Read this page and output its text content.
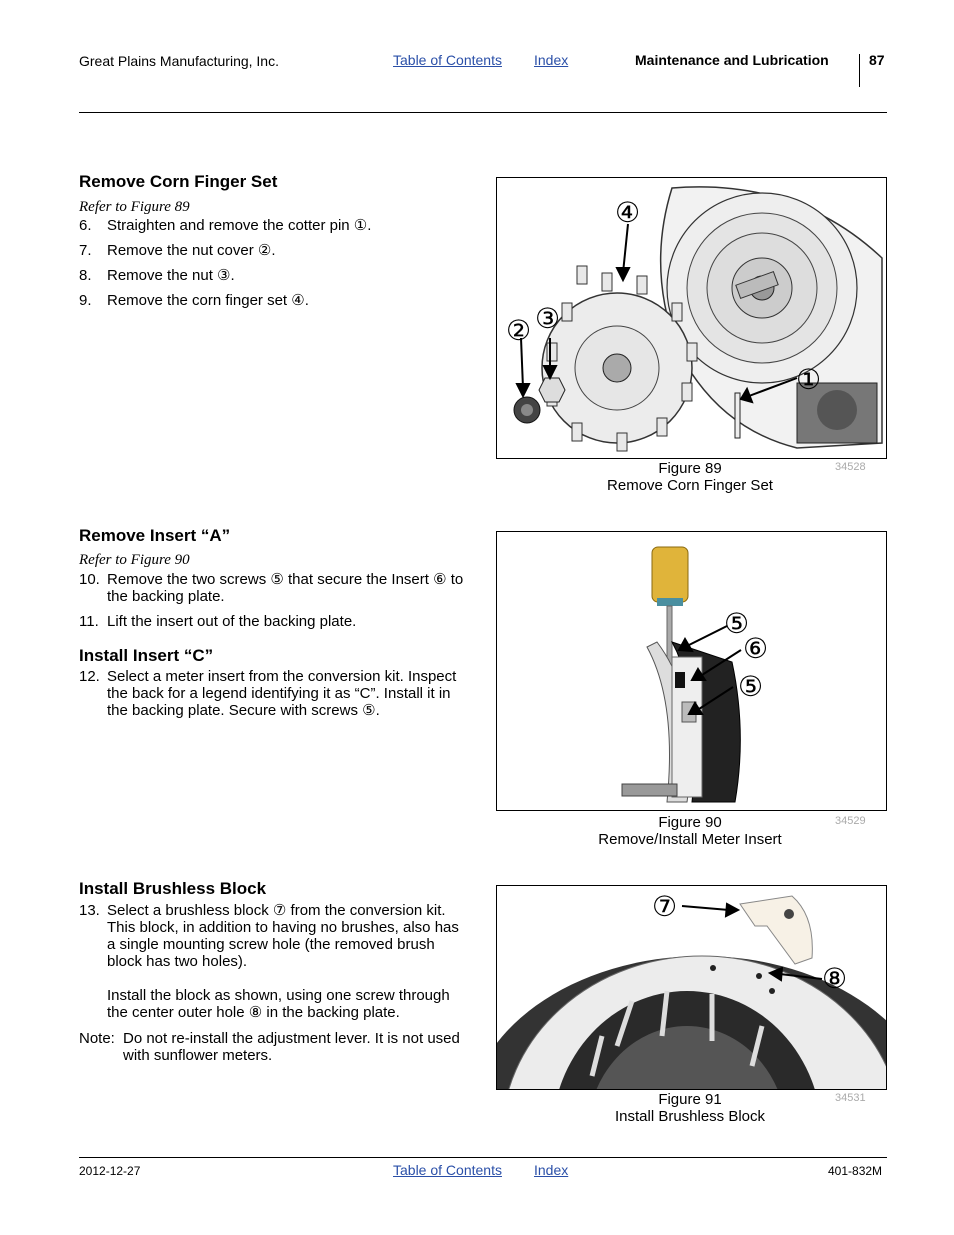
Great Plains Manufacturing, Inc.	Table of Contents Index	Maintenance and Lubrication	87
Remove Corn Finger Set
Refer to Figure 89
6. Straighten and remove the cotter pin ①.
7. Remove the nut cover ②.
8. Remove the nut ③.
9. Remove the corn finger set ④.
④
③
②
①
Figure 89
Remove Corn Finger Set
34528
Remove Insert “A”
Refer to Figure 90
10. Remove the two screws ⑤ that secure the Insert ⑥ to the backing plate.
11. Lift the insert out of the backing plate.
Install Insert “C”
12. Select a meter insert from the conversion kit. Inspect the back for a legend identifying it as “C”. Install it in the backing plate. Secure with screws ⑤.
⑤
⑥
⑤
Figure 90
Remove/Install Meter Insert
34529
Install Brushless Block
13. Select a brushless block ⑦ from the conversion kit. This block, in addition to having no brushes, also has a single mounting screw hole (the removed brush block has two holes).
Install the block as shown, using one screw through the center outer hole ⑧ in the backing plate.
Note: Do not re-install the adjustment lever. It is not used with sunflower meters.
⑦
⑧
Figure 91
Install Brushless Block
34531
2012-12-27	Table of Contents Index	401-832M
